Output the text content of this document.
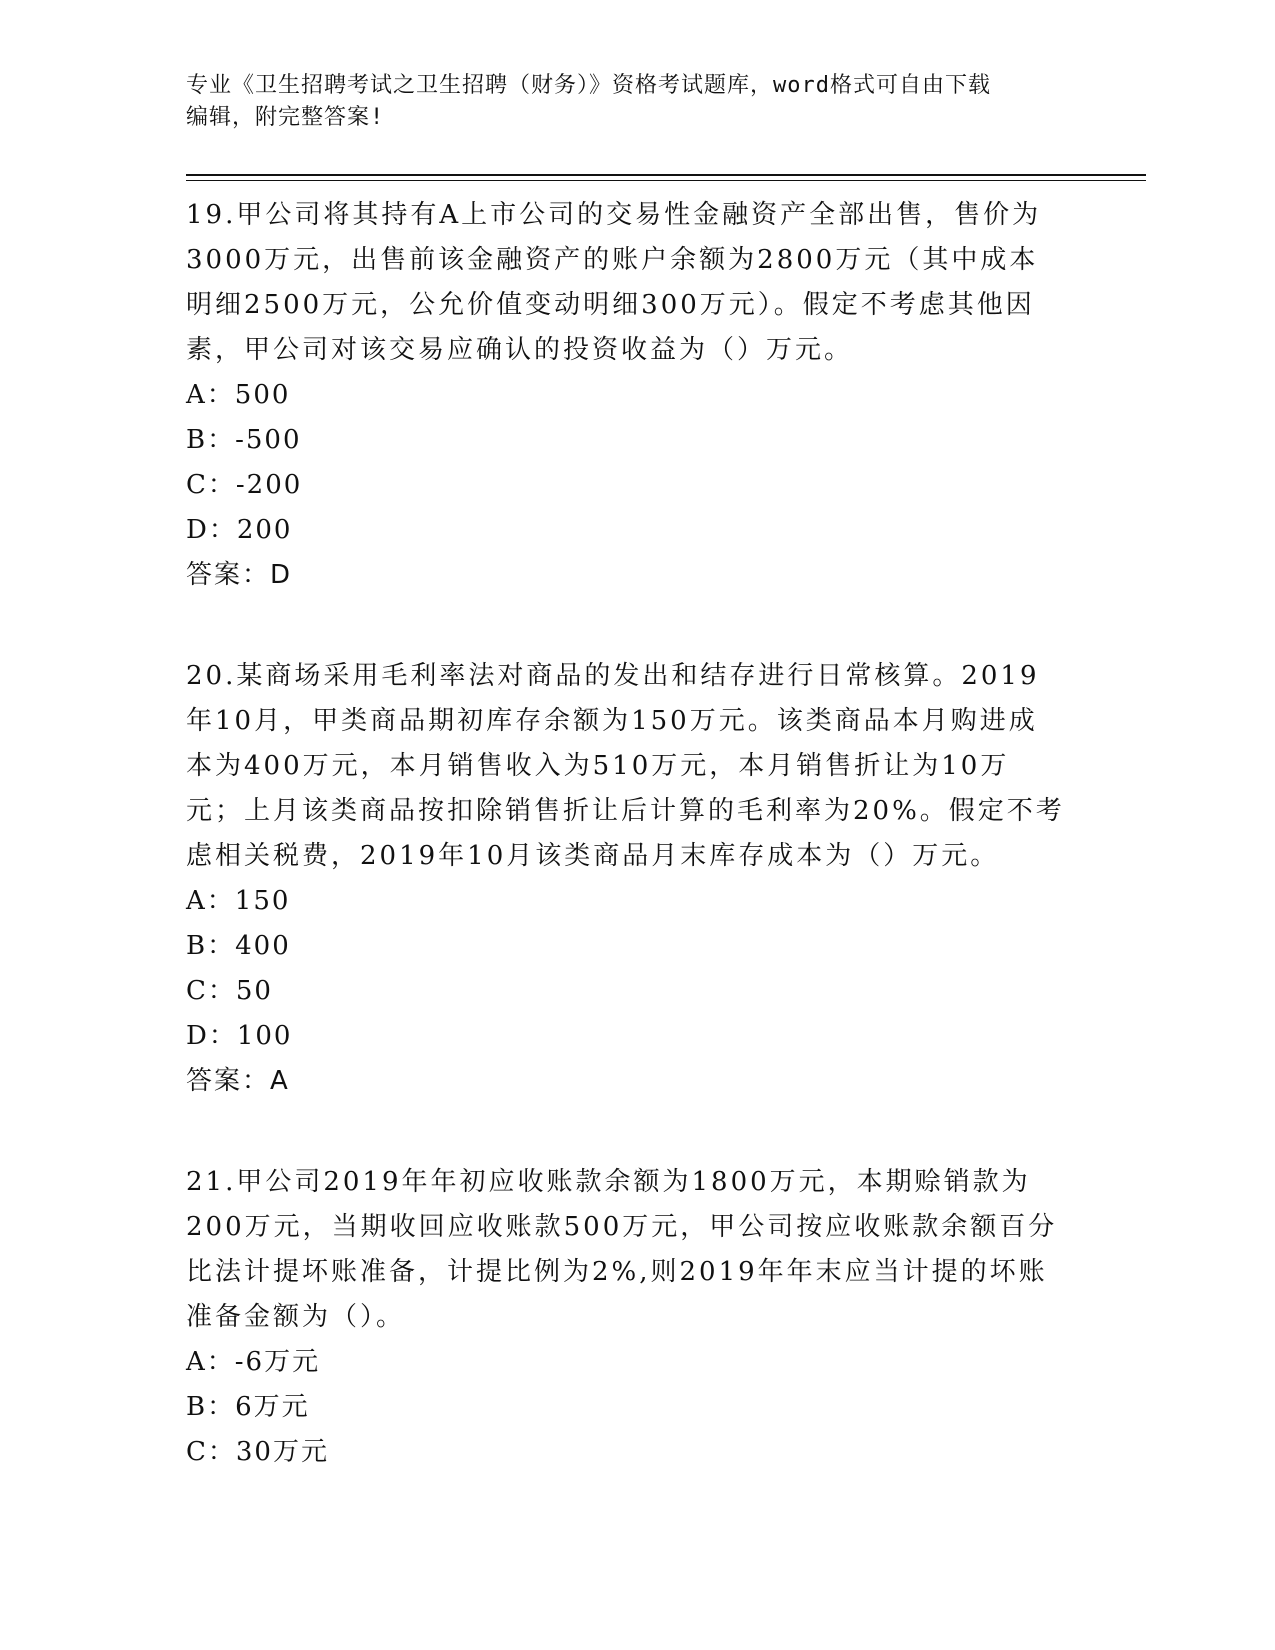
专业《卫生招聘考试之卫生招聘（财务）》资格考试题库，word格式可自由下载
编辑，附完整答案!
19.甲公司将其持有A上市公司的交易性金融资产全部出售，售价为3000万元，出售前该金融资产的账户余额为2800万元（其中成本明细2500万元，公允价值变动明细300万元）。假定不考虑其他因素，甲公司对该交易应确认的投资收益为（）万元。
A：500
B：-500
C：-200
D：200
答案：D
20.某商场采用毛利率法对商品的发出和结存进行日常核算。2019年10月，甲类商品期初库存余额为150万元。该类商品本月购进成本为400万元，本月销售收入为510万元，本月销售折让为10万元；上月该类商品按扣除销售折让后计算的毛利率为20%。假定不考虑相关税费，2019年10月该类商品月末库存成本为（）万元。
A：150
B：400
C：50
D：100
答案：A
21.甲公司2019年年初应收账款余额为1800万元，本期赊销款为200万元，当期收回应收账款500万元，甲公司按应收账款余额百分比法计提坏账准备，计提比例为2%,则2019年年末应当计提的坏账准备金额为（）。
A：-6万元
B：6万元
C：30万元
